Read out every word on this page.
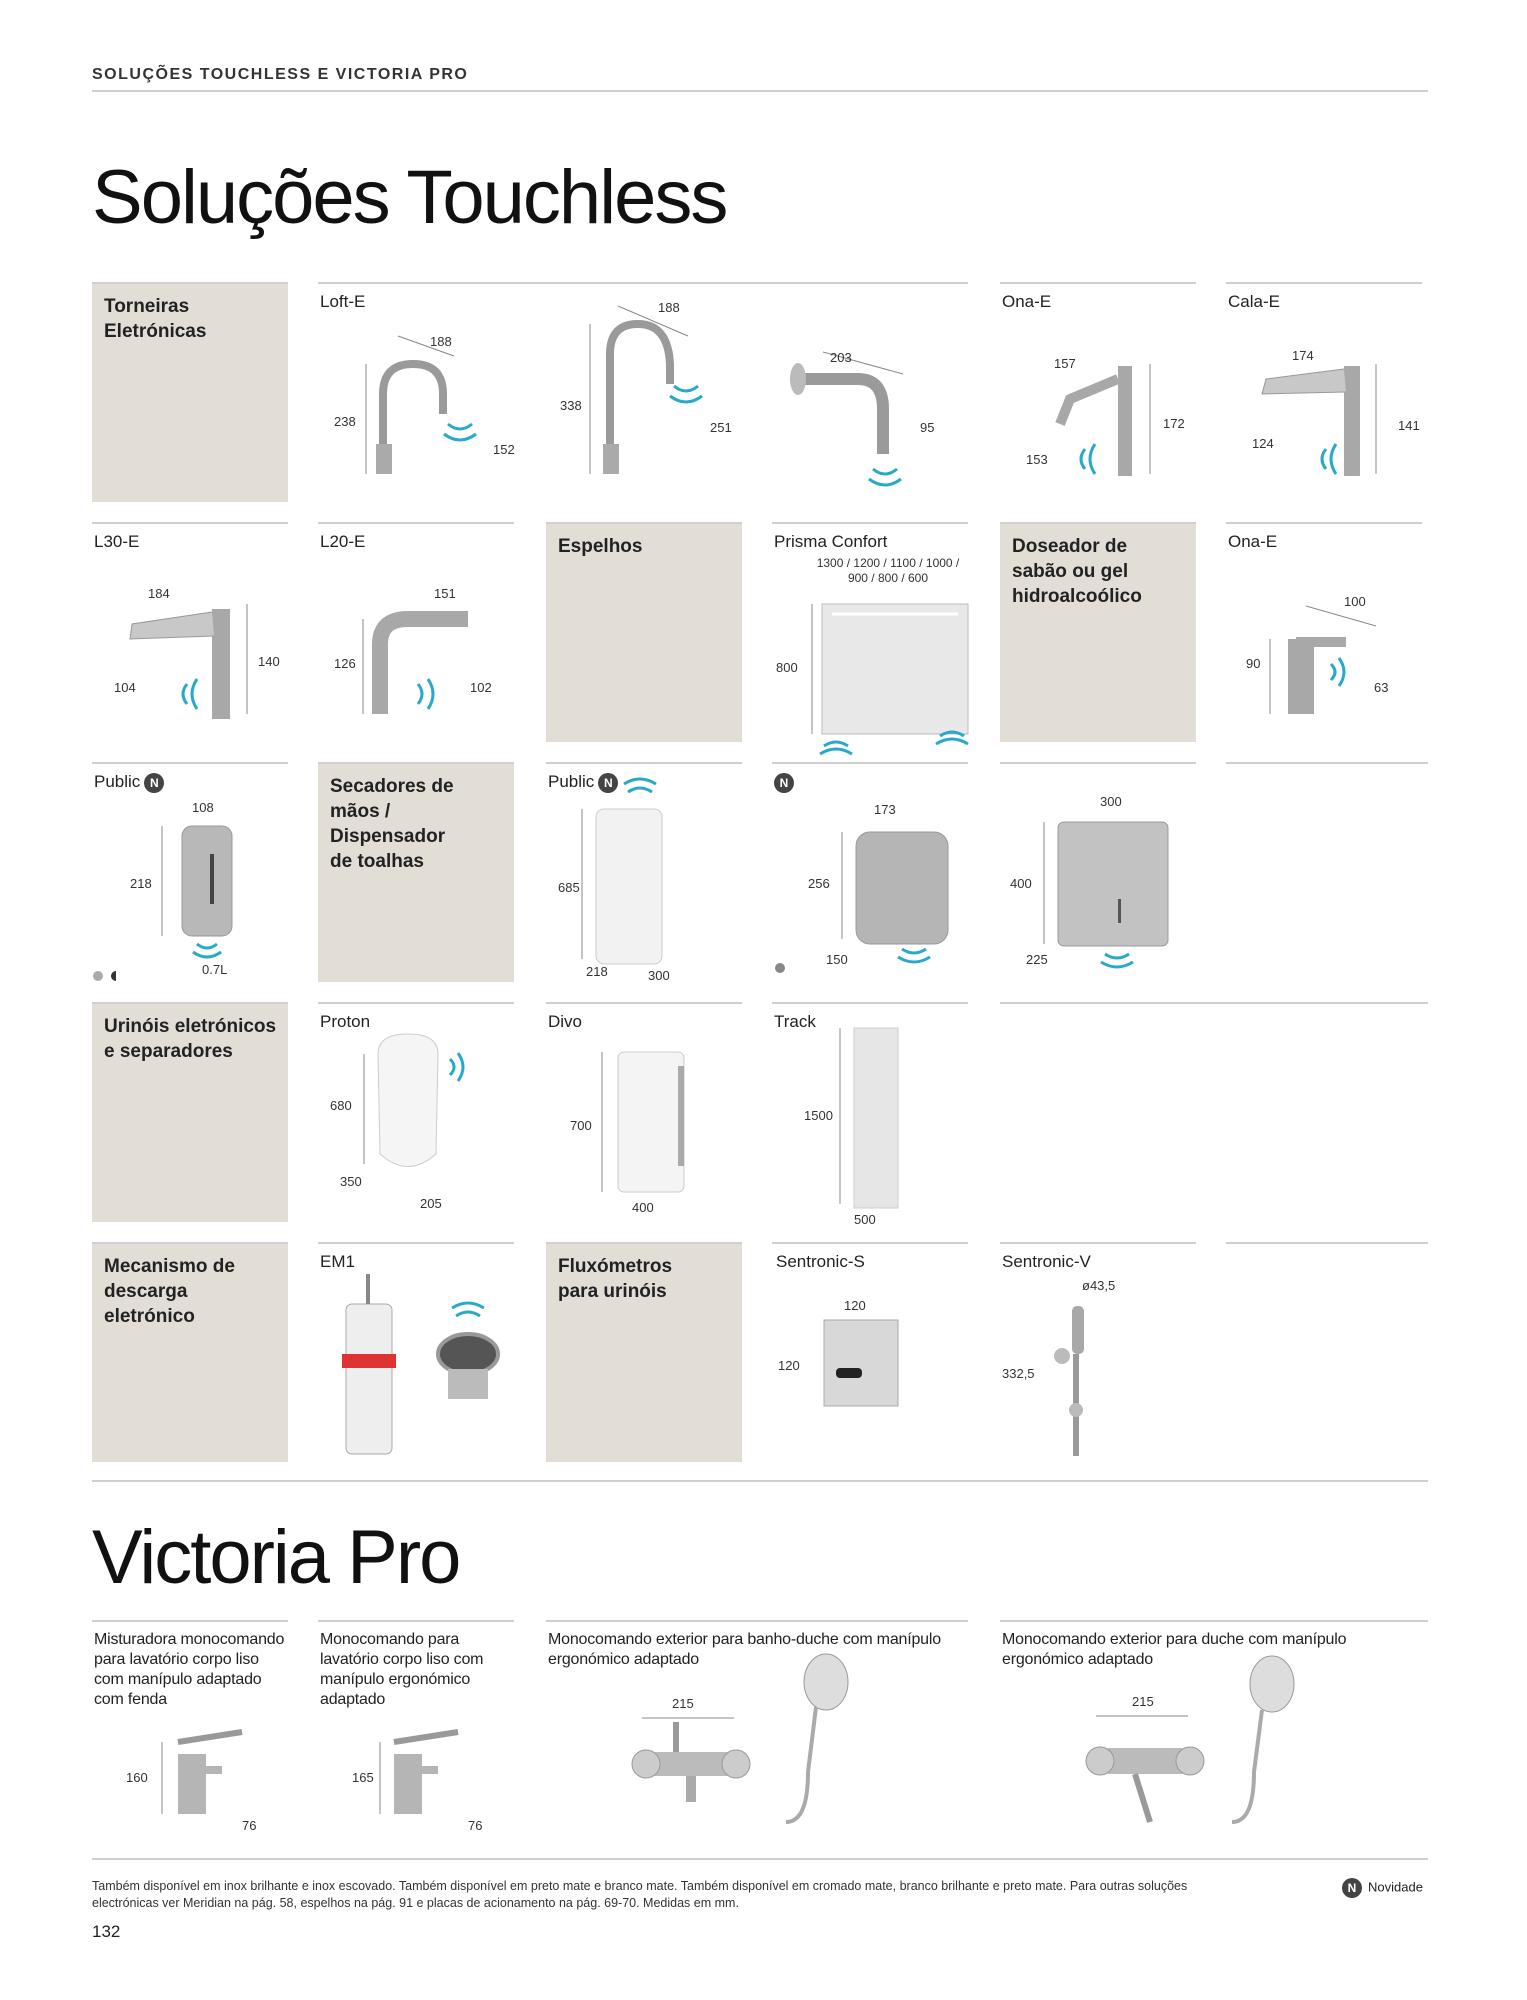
SOLUÇÕES TOUCHLESS E VICTORIA PRO
Soluções Touchless
Torneiras Eletrónicas
Loft-E
188
238
152
188
338
251
203
95
Ona-E
157
172
153
Cala-E
174
124
141
L30-E
184
140
104
L20-E
151
126
102
Espelhos	Prisma Confort
1300 / 1200 / 1100 / 1000 / 900 / 800 / 600
800
Doseador de sabão ou gel hidroalcoólico
Ona-E
100
90
63
Public N
108
218
0.7L
Secadores de mãos / Dispensador de toalhas
Public N
685
218	300
N
173
256
150
300
400
225
Urinóis eletrónicos e separadores
Proton
680
350
205
Divo
700
400
Track
1500
500
Mecanismo de descarga eletrónico
EM1	Fluxómetros para urinóis
Sentronic-S
120
120
Sentronic-V
ø43,5
332,5
Victoria Pro
Misturadora monocomando para lavatório corpo liso com manípulo adaptado com fenda
160
76
Monocomando para lavatório corpo liso com manípulo ergonómico adaptado
165
76
Monocomando exterior para banho-duche com manípulo ergonómico adaptado
215
Monocomando exterior para duche com manípulo ergonómico adaptado
215
Também disponível em inox brilhante e inox escovado. Também disponível em preto mate e branco mate. Também disponível em cromado mate, branco brilhante e preto mate. Para outras soluções electrónicas ver Meridian na pág. 58, espelhos na pág. 91 e placas de acionamento na pág. 69-70. Medidas em mm.
N Novidade
132
